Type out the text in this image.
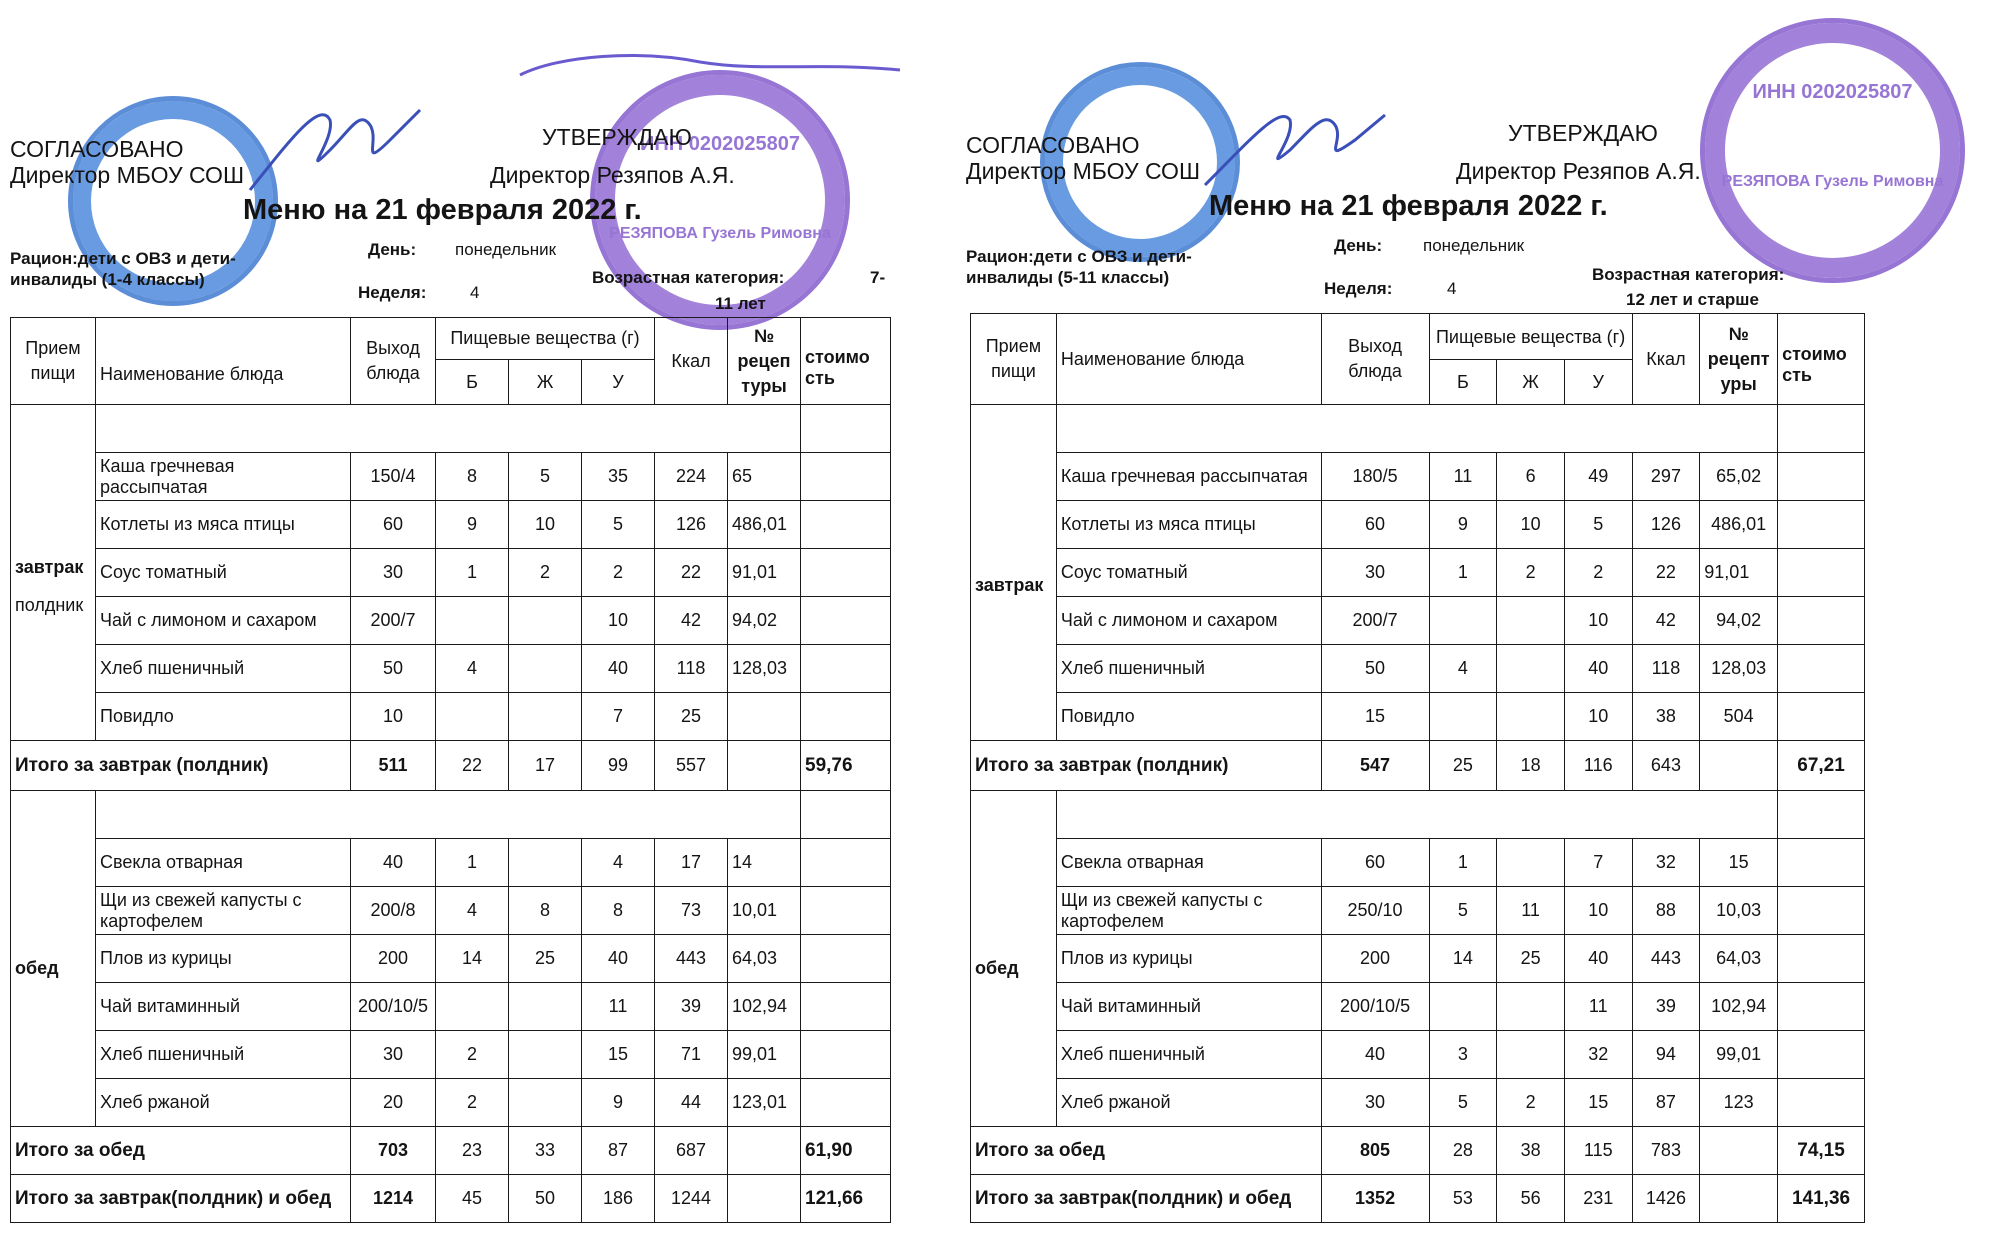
ИНН 0202025807
РЕЗЯПОВА Гузель Римовна
СОГЛАСОВАНО
Директор МБОУ СОШ
УТВЕРЖДАЮ
Директор Резяпов А.Я.
Меню на 21 февраля 2022 г.
Рацион:дети с ОВЗ и дети-инвалиды (1-4 классы)
День: понедельник
Неделя:	4
Возрастная категория:	7-
11 лет
Прием пищи	Наименование блюда	Выход блюда	Пищевые вещества (г)			Ккал	№ рецеп туры	стоимо сть
			Б	Ж	У			

завтрак
полдник								

	Каша гречневая рассыпчатая	150/4	8	5	35	224	65	
	Котлеты из мяса птицы	60	9	10	5	126	486,01	
	Соус томатный	30	1	2	2	22	91,01	
	Чай с лимоном и сахаром	200/7			10	42	94,02	
	Хлеб пшеничный	50	4		40	118	128,03	
	Повидло	10			7	25		
Итого за завтрак (полдник)		511	22	17	99	557		59,76
обед								
	Свекла отварная	40	1		4	17	14	
	Щи из свежей капусты с картофелем	200/8	4	8	8	73	10,01	
	Плов из курицы	200	14	25	40	443	64,03	
	Чай витаминный	200/10/5			11	39	102,94	
	Хлеб пшеничный	30	2		15	71	99,01	
	Хлеб ржаной	20	2		9	44	123,01	
Итого за обед		703	23	33	87	687		61,90
Итого за завтрак(полдник) и обед		1214	45	50	186	1244		121,66
ИНН 0202025807
РЕЗЯПОВА Гузель Римовна
СОГЛАСОВАНО
Директор МБОУ СОШ
УТВЕРЖДАЮ
Директор Резяпов А.Я.
Меню на 21 февраля 2022 г.
Рацион:дети с ОВЗ и дети-инвалиды (5-11 классы)
День: понедельник
Неделя:	4
Возрастная категория:
12 лет и старше
Прием пищи	Наименование блюда	Выход блюда	Пищевые вещества (г)			Ккал	№ рецепт уры	стоимо сть
			Б	Ж	У			

завтрак								

	Каша гречневая рассыпчатая	180/5	11	6	49	297	65,02	
	Котлеты из мяса птицы	60	9	10	5	126	486,01	
	Соус томатный	30	1	2	2	22	91,01	
	Чай с лимоном и сахаром	200/7			10	42	94,02	
	Хлеб пшеничный	50	4		40	118	128,03	
	Повидло	15			10	38	504	
Итого за завтрак (полдник)		547	25	18	116	643		67,21
обед								
	Свекла отварная	60	1		7	32	15	
	Щи из свежей капусты с картофелем	250/10	5	11	10	88	10,03	
	Плов из курицы	200	14	25	40	443	64,03	
	Чай витаминный	200/10/5			11	39	102,94	
	Хлеб пшеничный	40	3		32	94	99,01	
	Хлеб ржаной	30	5	2	15	87	123	
Итого за обед		805	28	38	115	783		74,15
Итого за завтрак(полдник) и обед		1352	53	56	231	1426		141,36
